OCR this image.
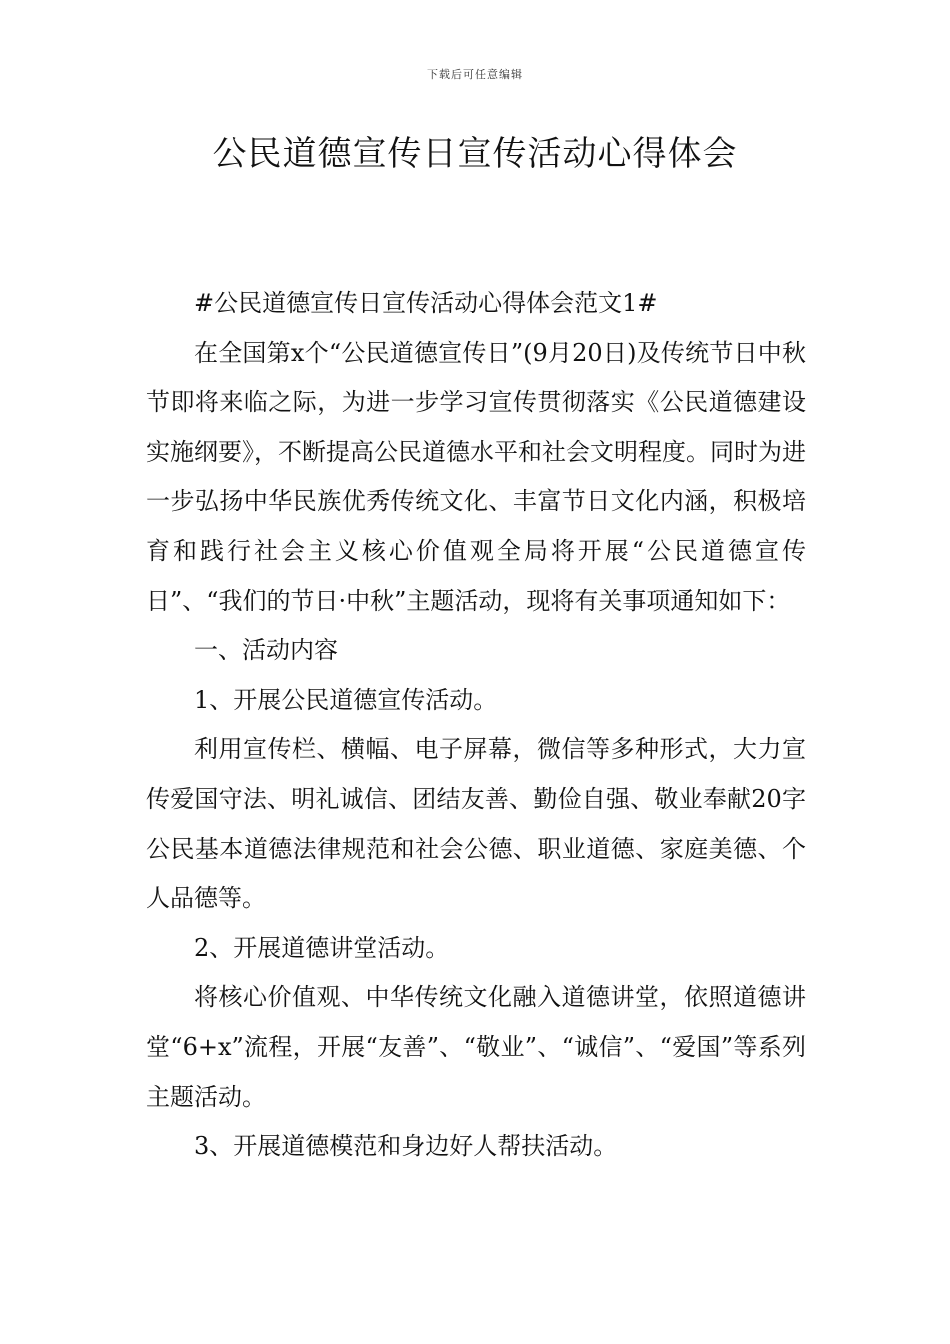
下载后可任意编辑
公民道德宣传日宣传活动心得体会

#公民道德宣传日宣传活动心得体会范文1#

在全国第x个“公民道德宣传日”(9月20日)及传统节日中秋节即将来临之际，为进一步学习宣传贯彻落实《公民道德建设实施纲要》，不断提高公民道德水平和社会文明程度。同时为进一步弘扬中华民族优秀传统文化、丰富节日文化内涵，积极培育和践行社会主义核心价值观全局将开展“公民道德宣传日”、“我们的节日·中秋”主题活动，现将有关事项通知如下：

一、活动内容

1、开展公民道德宣传活动。

利用宣传栏、横幅、电子屏幕，微信等多种形式，大力宣传爱国守法、明礼诚信、团结友善、勤俭自强、敬业奉献20字公民基本道德法律规范和社会公德、职业道德、家庭美德、个人品德等。

2、开展道德讲堂活动。

将核心价值观、中华传统文化融入道德讲堂，依照道德讲堂“6+x”流程，开展“友善”、“敬业”、“诚信”、“爱国”等系列主题活动。

3、开展道德模范和身边好人帮扶活动。
